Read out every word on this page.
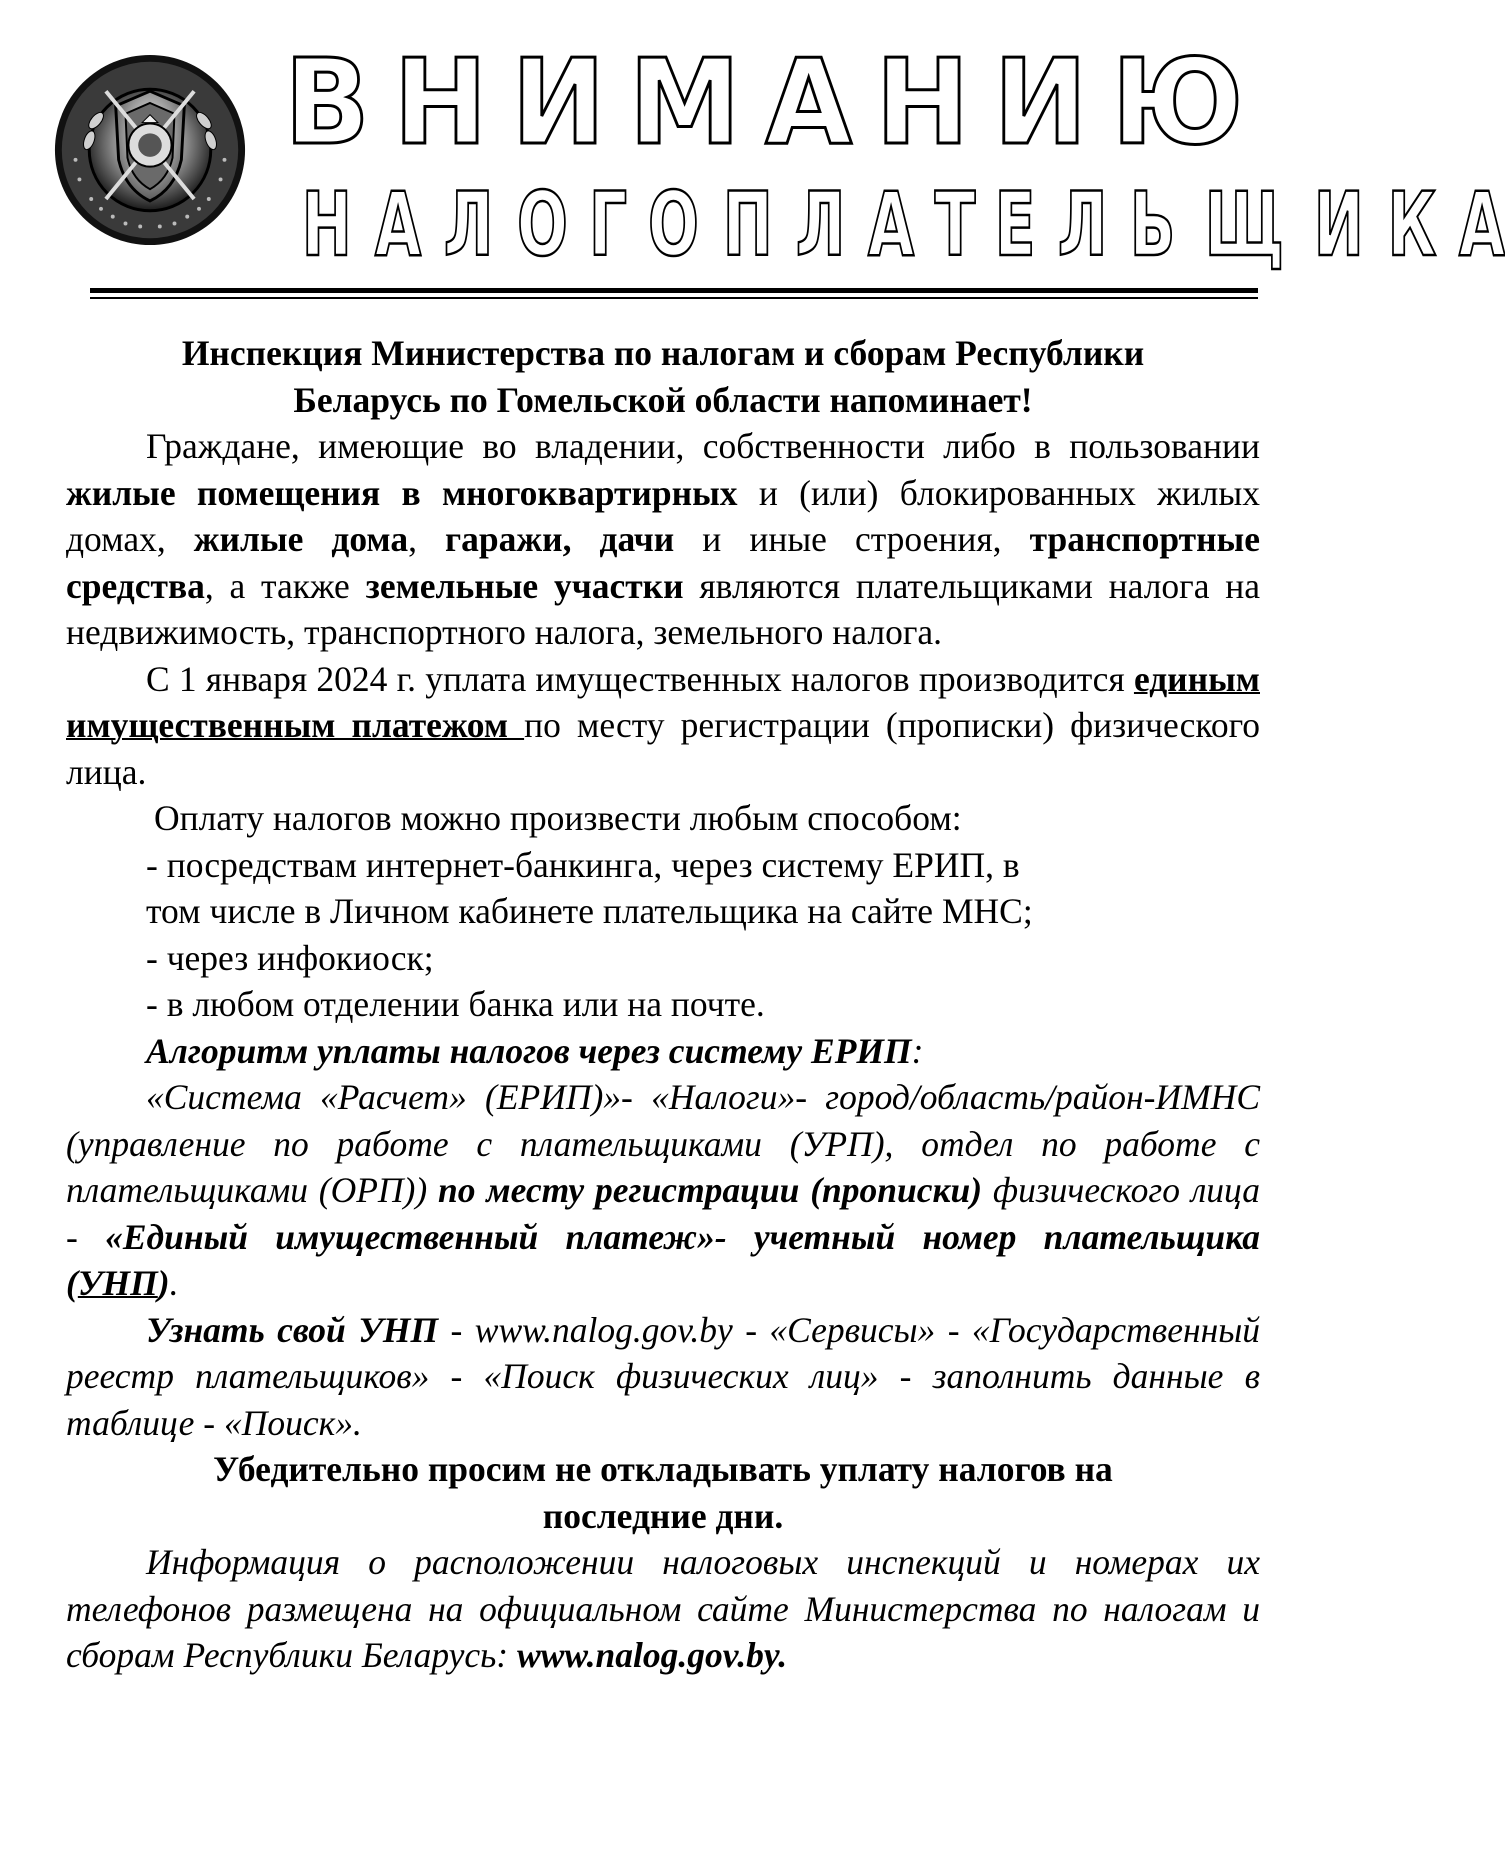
В Н И М А Н И Ю
Н А Л О Г О П Л А Т Е Л Ь Щ И К А

Инспекция Министерства по налогам и сборам Республики
Беларусь по Гомельской области напоминает!

Граждане, имеющие во владении, собственности либо в пользовании жилые помещения в многоквартирных и (или) блокированных жилых домах, жилые дома, гаражи, дачи и иные строения, транспортные средства, а также земельные участки являются плательщиками налога на недвижимость, транспортного налога, земельного налога.

С 1 января 2024 г. уплата имущественных налогов производится единым имущественным платежом по месту регистрации (прописки) физического лица.

Оплату налогов можно произвести любым способом:

- посредствам интернет-банкинга, через систему ЕРИП, в

том числе в Личном кабинете плательщика на сайте МНС;

- через инфокиоск;

- в любом отделении банка или на почте.

Алгоритм уплаты налогов через систему ЕРИП:

«Система «Расчет» (ЕРИП)»- «Налоги»- город/область/район-ИМНС (управление по работе с плательщиками (УРП), отдел по работе с плательщиками (ОРП)) по месту регистрации (прописки) физического лица - «Единый имущественный платеж»- учетный номер плательщика (УНП).

Узнать свой УНП - www.nalog.gov.by - «Сервисы» - «Государственный реестр плательщиков» - «Поиск физических лиц» - заполнить данные в таблице - «Поиск».

Убедительно просим не откладывать уплату налогов на
последние дни.

Информация о расположении налоговых инспекций и номерах их телефонов размещена на официальном сайте Министерства по налогам и сборам Республики Беларусь: www.nalog.gov.by.
